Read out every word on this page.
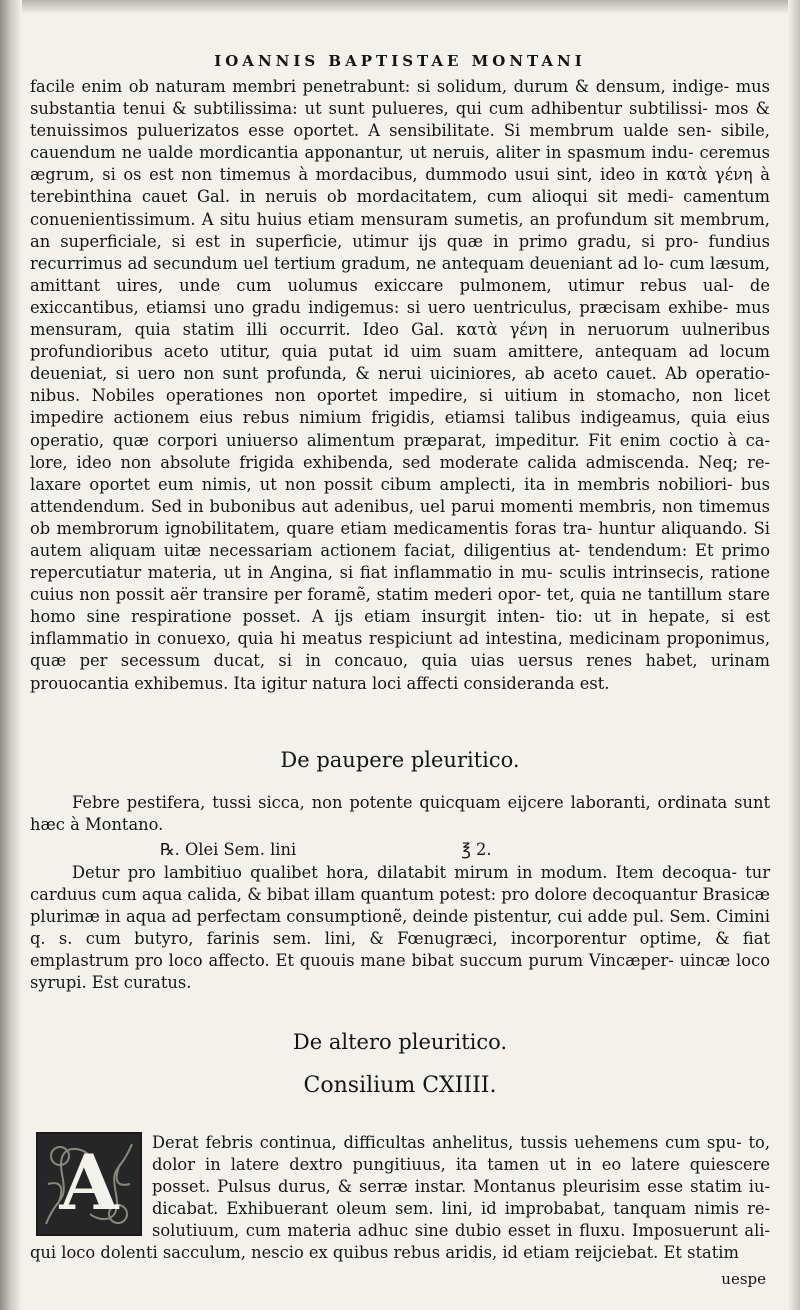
IOANNIS BAPTISTAE MONTANI

facile enim ob naturam membri penetrabunt: si solidum, durum & densum, indige‐ mus substantia tenui & subtilissima: ut sunt pulueres, qui cum adhibentur subtilissi‐ mos & tenuissimos puluerizatos esse oportet. A sensibilitate. Si membrum ualde sen‐ sibile, cauendum ne ualde mordicantia apponantur, ut neruis, aliter in spasmum indu‐ ceremus ægrum, si os est non timemus à mordacibus, dummodo usui sint, ideo in κατὰ γένη à terebinthina cauet Gal. in neruis ob mordacitatem, cum alioqui sit medi‐ camentum conuenientissimum. A situ huius etiam mensuram sumetis, an profundum sit membrum, an superficiale, si est in superficie, utimur ijs quæ in primo gradu, si pro‐ fundius recurrimus ad secundum uel tertium gradum, ne antequam deueniant ad lo‐ cum læsum, amittant uires, unde cum uolumus exiccare pulmonem, utimur rebus ual‐ de exiccantibus, etiamsi uno gradu indigemus: si uero uentriculus, præcisam exhibe‐ mus mensuram, quia statim illi occurrit. Ideo Gal. κατὰ γένη in neruorum uulneribus profundioribus aceto utitur, quia putat id uim suam amittere, antequam ad locum deueniat, si uero non sunt profunda, & nerui uiciniores, ab aceto cauet. Ab operatio‐ nibus. Nobiles operationes non oportet impedire, si uitium in stomacho, non licet impedire actionem eius rebus nimium frigidis, etiamsi talibus indigeamus, quia eius operatio, quæ corpori uniuerso alimentum præparat, impeditur. Fit enim coctio à ca‐ lore, ideo non absolute frigida exhibenda, sed moderate calida admiscenda. Neq; re‐ laxare oportet eum nimis, ut non possit cibum amplecti, ita in membris nobiliori‐ bus attendendum. Sed in bubonibus aut adenibus, uel parui momenti membris, non timemus ob membrorum ignobilitatem, quare etiam medicamentis foras tra‐ huntur aliquando. Si autem aliquam uitæ necessariam actionem faciat, diligentius at‐ tendendum: Et primo repercutiatur materia, ut in Angina, si fiat inflammatio in mu‐ sculis intrinsecis, ratione cuius non possit aër transire per foramẽ, statim mederi opor‐ tet, quia ne tantillum stare homo sine respiratione posset. A ijs etiam insurgit inten‐ tio: ut in hepate, si est inflammatio in conuexo, quia hi meatus respiciunt ad intestina, medicinam proponimus, quæ per secessum ducat, si in concauo, quia uias uersus renes habet, urinam prouocantia exhibemus. Ita igitur natura loci affecti consideranda est.

De paupere pleuritico.

Febre pestifera, tussi sicca, non potente quicquam eijcere laboranti, ordinata sunt hæc à Montano.

℞. Olei Sem. lini	℥ 2.

Detur pro lambitiuo qualibet hora, dilatabit mirum in modum. Item decoqua‐ tur carduus cum aqua calida, & bibat illam quantum potest: pro dolore decoquantur Brasicæ plurimæ in aqua ad perfectam consumptionẽ, deinde pistentur, cui adde pul. Sem. Cimini q. s. cum butyro, farinis sem. lini, & Fœnugræci, incorporentur optime, & fiat emplastrum pro loco affecto. Et quouis mane bibat succum purum Vincæper‐ uincæ loco syrupi. Est curatus.

De altero pleuritico.
Consilium CXIIII.
A	Derat febris continua, difficultas anhelitus, tussis uehemens cum spu‐ to, dolor in latere dextro pungitiuus, ita tamen ut in eo latere quiescere posset. Pulsus durus, & serræ instar. Montanus pleurisim esse statim iu‐ dicabat. Exhibuerant oleum sem. lini, id improbabat, tanquam nimis re‐ solutiuum, cum materia adhuc sine dubio esset in fluxu. Imposuerunt ali‐ qui loco dolenti sacculum, nescio ex quibus rebus aridis, id etiam reijciebat. Et statim

uespe
